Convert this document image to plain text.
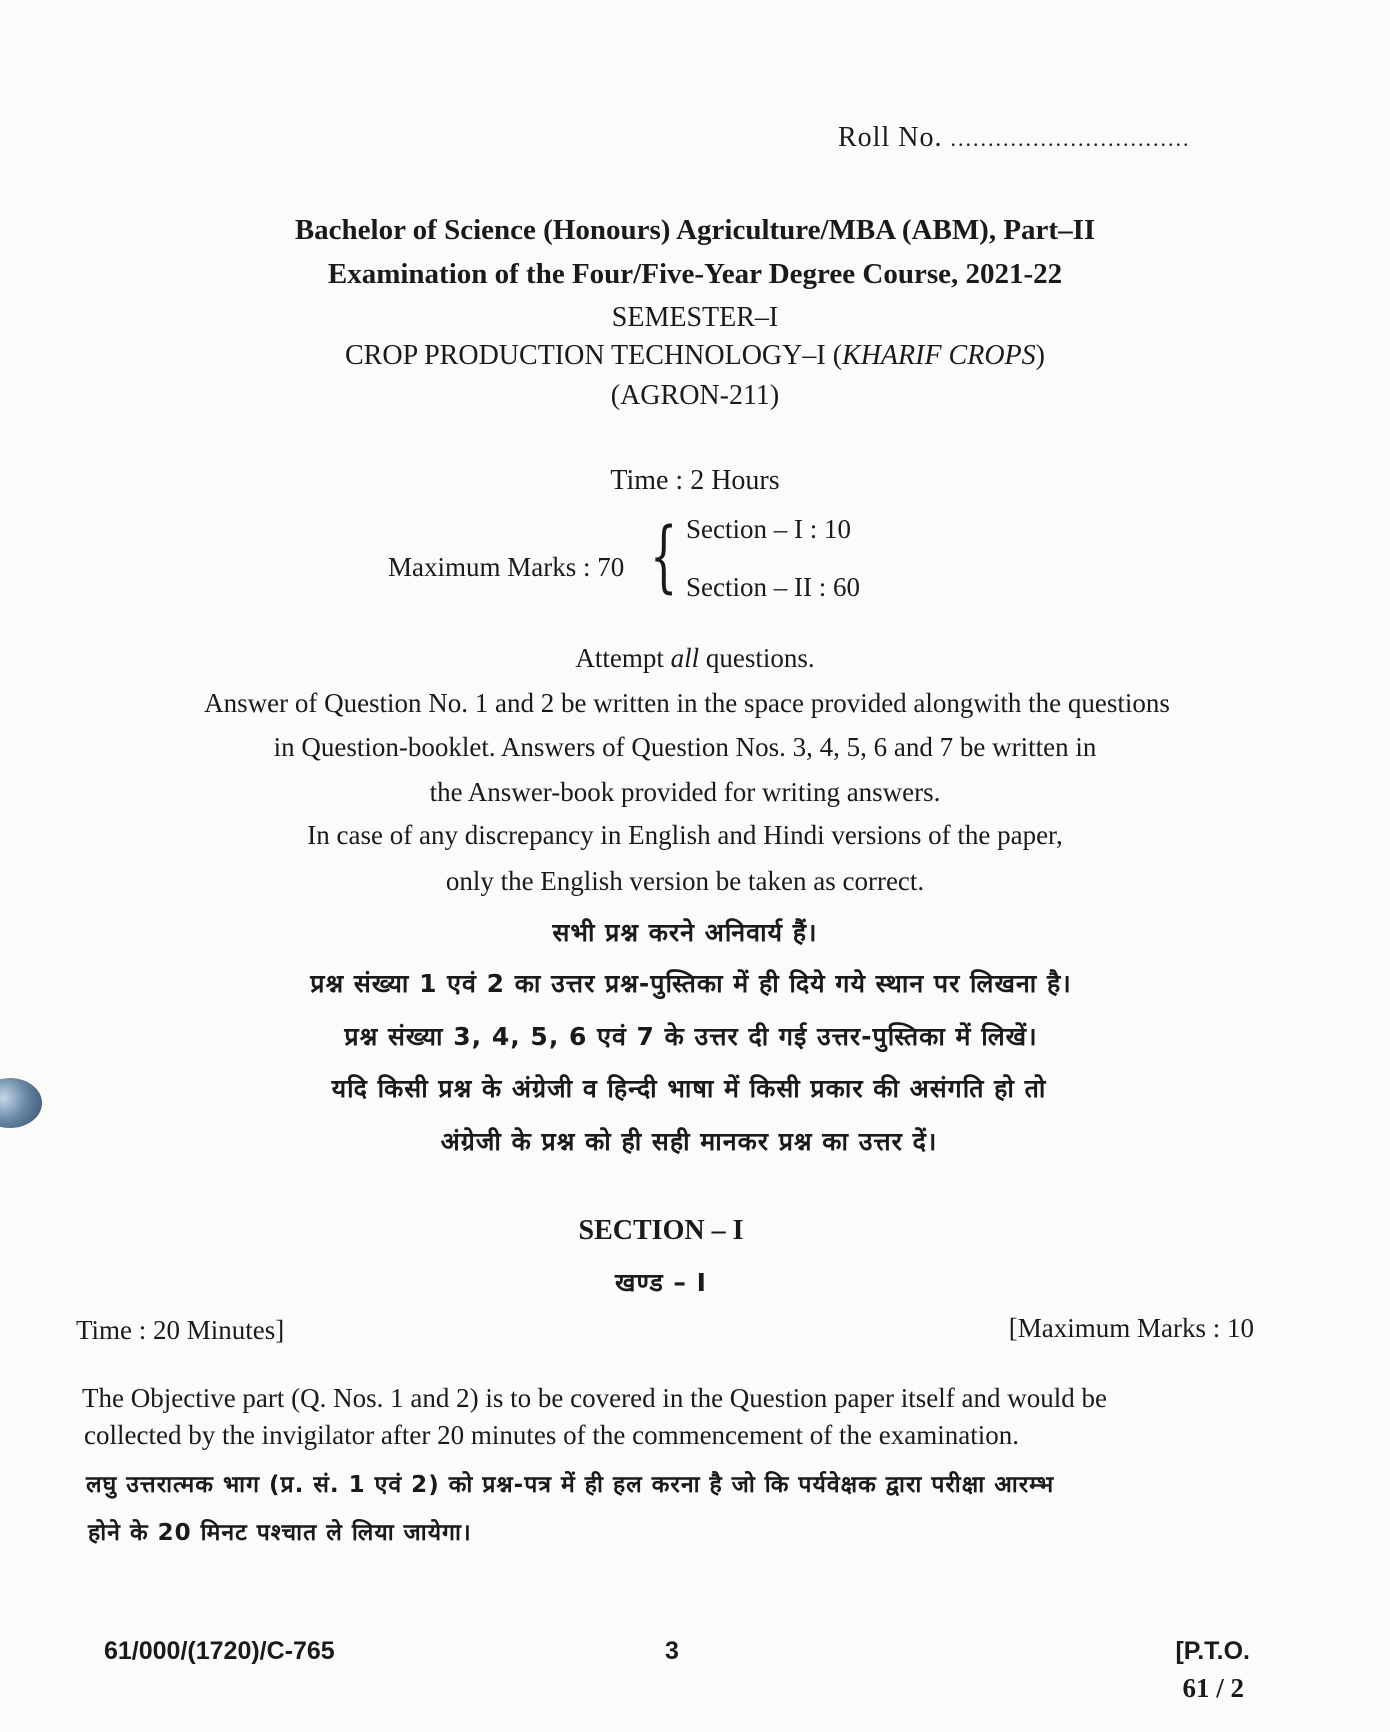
Roll No. ................................
Bachelor of Science (Honours) Agriculture/MBA (ABM), Part–II
Examination of the Four/Five-Year Degree Course, 2021-22
SEMESTER–I
CROP PRODUCTION TECHNOLOGY–I (KHARIF CROPS)
(AGRON-211)
Time : 2 Hours
Maximum Marks : 70 { Section – I : 10
Section – II : 60
Attempt all questions.
Answer of Question No. 1 and 2 be written in the space provided alongwith the questions
in Question-booklet. Answers of Question Nos. 3, 4, 5, 6 and 7 be written in
the Answer-book provided for writing answers.
In case of any discrepancy in English and Hindi versions of the paper,
only the English version be taken as correct.
सभी प्रश्न करने अनिवार्य हैं।
प्रश्न संख्या 1 एवं 2 का उत्तर प्रश्न-पुस्तिका में ही दिये गये स्थान पर लिखना है।
प्रश्न संख्या 3, 4, 5, 6 एवं 7 के उत्तर दी गई उत्तर-पुस्तिका में लिखें।
यदि किसी प्रश्न के अंग्रेजी व हिन्दी भाषा में किसी प्रकार की असंगति हो तो
अंग्रेजी के प्रश्न को ही सही मानकर प्रश्न का उत्तर दें।
SECTION – I
खण्ड – I
Time : 20 Minutes]	[Maximum Marks : 10
The Objective part (Q. Nos. 1 and 2) is to be covered in the Question paper itself and would be
collected by the invigilator after 20 minutes of the commencement of the examination.
लघु उत्तरात्मक भाग (प्र. सं. 1 एवं 2) को प्रश्न-पत्र में ही हल करना है जो कि पर्यवेक्षक द्वारा परीक्षा आरम्भ
होने के 20 मिनट पश्चात ले लिया जायेगा।
61/000/(1720)/C-765	3	[P.T.O.
61 / 2
